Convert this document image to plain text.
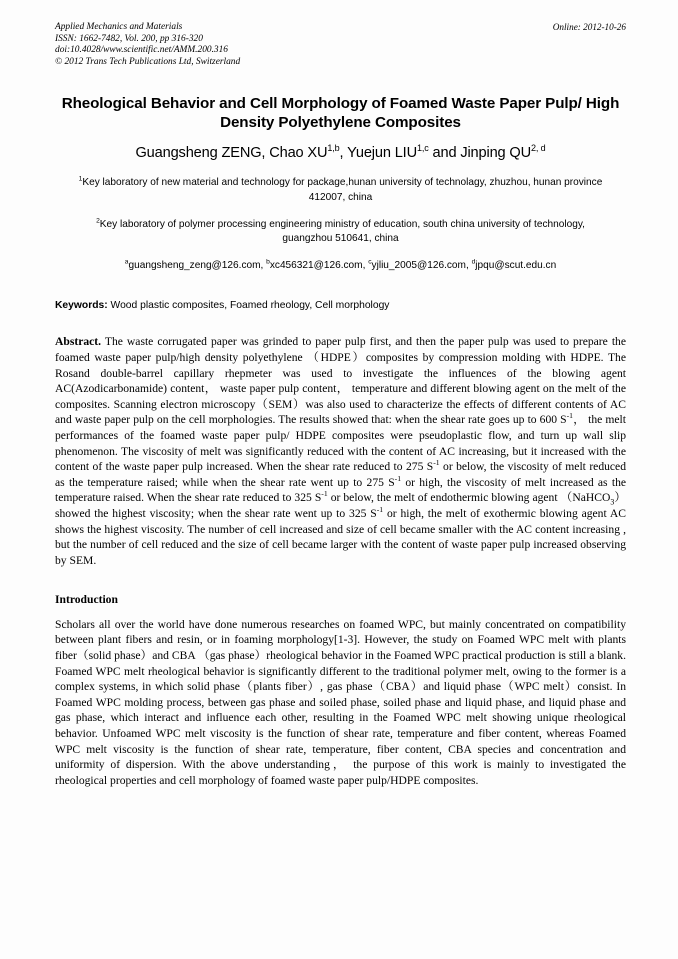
Applied Mechanics and Materials
ISSN: 1662-7482, Vol. 200, pp 316-320
doi:10.4028/www.scientific.net/AMM.200.316
© 2012 Trans Tech Publications Ltd, Switzerland
Online: 2012-10-26
Rheological Behavior and Cell Morphology of Foamed Waste Paper Pulp/ High Density Polyethylene Composites
Guangsheng ZENG, Chao XU$^{1,b}$, Yuejun LIU$^{1,c}$ and Jinping QU$^{2, d}$
$^1$Key laboratory of new material and technology for package,hunan university of technolagy, zhuzhou, hunan province 412007, china
$^2$Key laboratory of polymer processing engineering ministry of education, south china university of technology, guangzhou 510641, china
$^a$guangsheng_zeng@126.com, $^b$xc456321@126.com, $^c$yjliu_2005@126.com, $^d$jpqu@scut.edu.cn
Keywords: Wood plastic composites, Foamed rheology, Cell morphology

Abstract. The waste corrugated paper was grinded to paper pulp first, and then the paper pulp was used to prepare the foamed waste paper pulp/high density polyethylene （HDPE）composites by compression molding with HDPE. The Rosand double-barrel capillary rhepmeter was used to investigate the influences of the blowing agent AC(Azodicarbonamide) content， waste paper pulp content， temperature and different blowing agent on the melt of the composites. Scanning electron microscopy（SEM）was also used to characterize the effects of different contents of AC and waste paper pulp on the cell morphologies. The results showed that: when the shear rate goes up to 600 $S^{-1}$， the melt performances of the foamed waste paper pulp/ HDPE composites were pseudoplastic flow, and turn up wall slip phenomenon. The viscosity of melt was significantly reduced with the content of AC increasing, but it increased with the content of the waste paper pulp increased. When the shear rate reduced to 275 $S^{-1}$ or below, the viscosity of melt reduced as the temperature raised; while when the shear rate went up to 275 $S^{-1}$ or high, the viscosity of melt increased as the temperature raised. When the shear rate reduced to 325 $S^{-1}$ or below, the melt of endothermic blowing agent （NaHCO$_3$）showed the highest viscosity; when the shear rate went up to 325 $S^{-1}$ or high, the melt of exothermic blowing agent AC shows the highest viscosity. The number of cell increased and size of cell became smaller with the AC content increasing , but the number of cell reduced and the size of cell became larger with the content of waste paper pulp increased observing by SEM.

Introduction

Scholars all over the world have done numerous researches on foamed WPC, but mainly concentrated on compatibility between plant fibers and resin, or in foaming morphology[1-3]. However, the study on Foamed WPC melt with plants fiber（solid phase）and CBA （gas phase）rheological behavior in the Foamed WPC practical production is still a blank. Foamed WPC melt rheological behavior is significantly different to the traditional polymer melt, owing to the former is a complex systems, in which solid phase（plants fiber）, gas phase（CBA）and liquid phase（WPC melt）consist. In Foamed WPC molding process, between gas phase and soiled phase, soiled phase and liquid phase, and liquid phase and gas phase, which interact and influence each other, resulting in the Foamed WPC melt showing unique rheological behavior. Unfoamed WPC melt viscosity is the function of shear rate, temperature and fiber content, whereas Foamed WPC melt viscosity is the function of shear rate, temperature, fiber content, CBA species and concentration and uniformity of dispersion. With the above understanding， the purpose of this work is mainly to investigated the rheological properties and cell morphology of foamed waste paper pulp/HDPE composites.
